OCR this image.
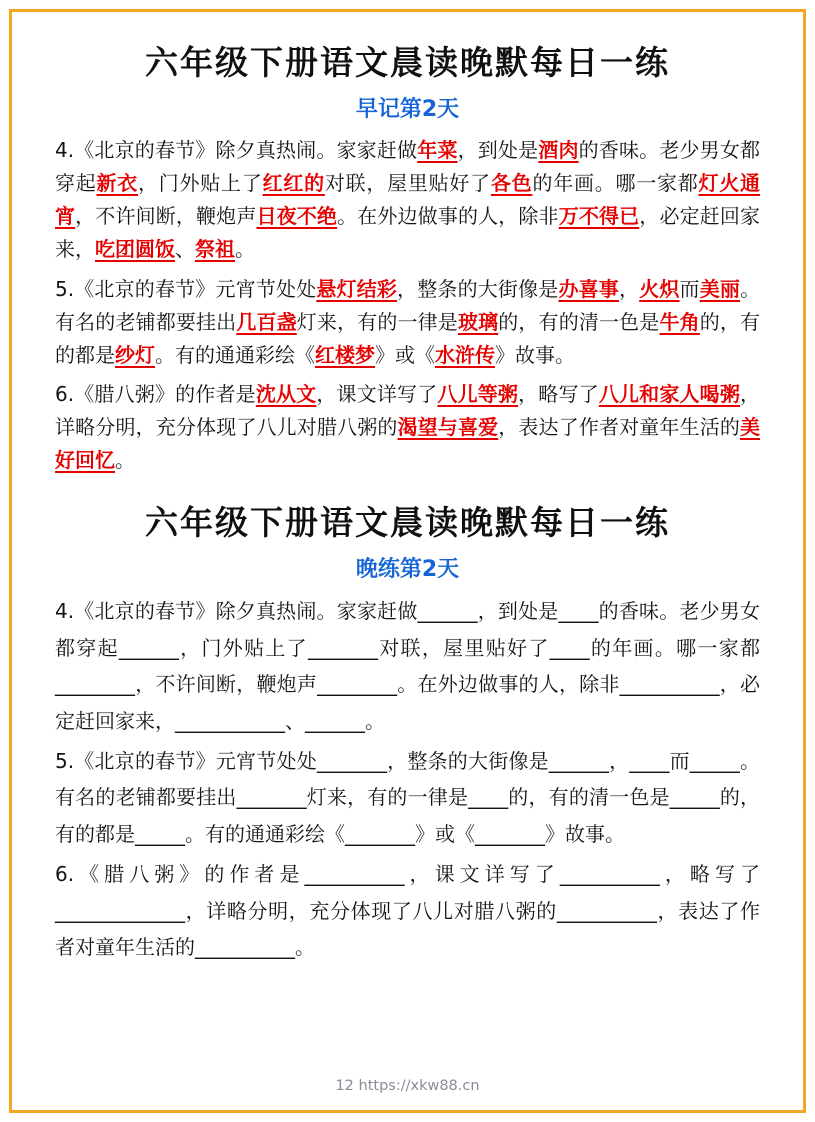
六年级下册语文晨读晚默每日一练
早记第2天

4.《北京的春节》除夕真热闹。家家赶做年菜，到处是酒肉的香味。老少男女都穿起新衣，门外贴上了红红的对联，屋里贴好了各色的年画。哪一家都灯火通宵，不许间断，鞭炮声日夜不绝。在外边做事的人，除非万不得已，必定赶回家来，吃团圆饭、祭祖。

5.《北京的春节》元宵节处处悬灯结彩，整条的大街像是办喜事，火炽而美丽。有名的老铺都要挂出几百盏灯来，有的一律是玻璃的，有的清一色是牛角的，有的都是纱灯。有的通通彩绘《红楼梦》或《水浒传》故事。

6.《腊八粥》的作者是沈从文，课文详写了八儿等粥，略写了八儿和家人喝粥，详略分明，充分体现了八儿对腊八粥的渴望与喜爱，表达了作者对童年生活的美好回忆。

六年级下册语文晨读晚默每日一练
晚练第2天

4.《北京的春节》除夕真热闹。家家赶做______，到处是____的香味。老少男女都穿起______，门外贴上了_______对联，屋里贴好了____的年画。哪一家都________，不许间断，鞭炮声________。在外边做事的人，除非__________，必定赶回家来，___________、______。

5.《北京的春节》元宵节处处_______，整条的大街像是______，____而_____。有名的老铺都要挂出_______灯来，有的一律是____的，有的清一色是_____的，有的都是_____。有的通通彩绘《_______》或《_______》故事。

6.《腊八粥》的作者是__________，课文详写了__________，略写了_____________，详略分明，充分体现了八儿对腊八粥的__________，表达了作者对童年生活的__________。

12 https://xkw88.cn
